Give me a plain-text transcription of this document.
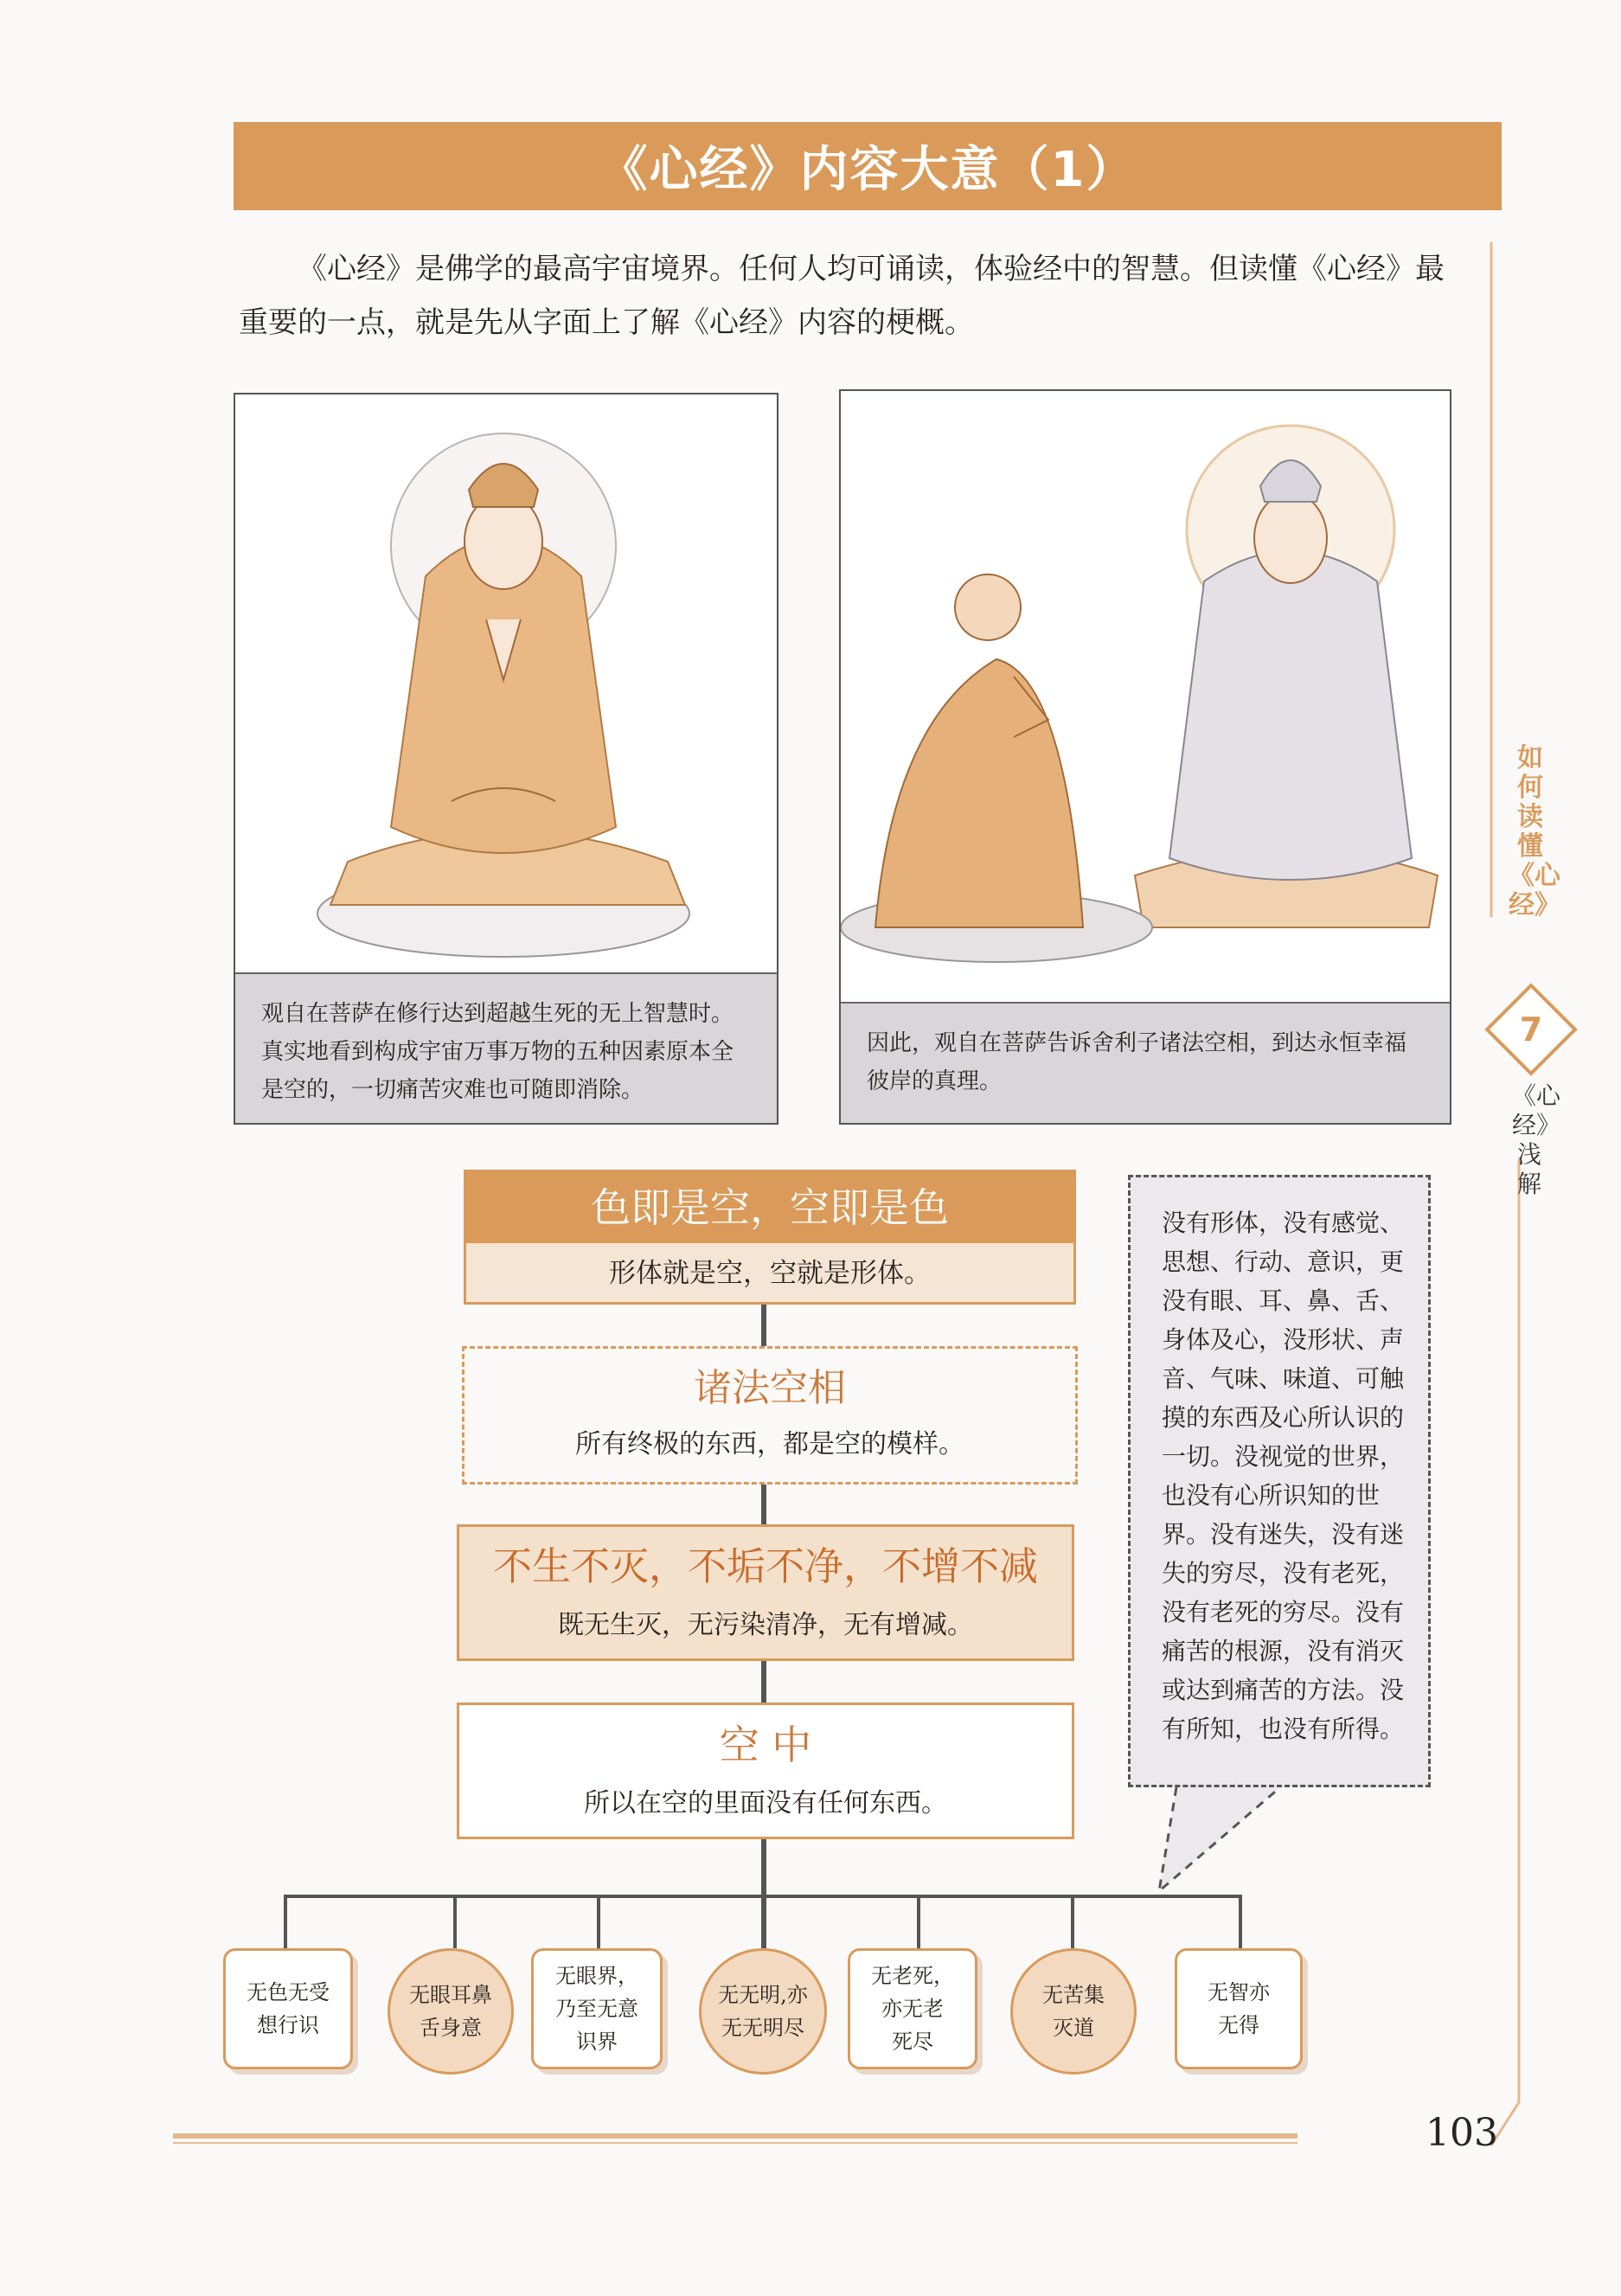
《心经》内容大意（1）

《心经》是佛学的最高宇宙境界。任何人均可诵读，体验经中的智慧。但读懂《心经》最重要的一点，就是先从字面上了解《心经》内容的梗概。

观自在菩萨在修行达到超越生死的无上智慧时。真实地看到构成宇宙万事万物的五种因素原本全是空的，一切痛苦灾难也可随即消除。
因此，观自在菩萨告诉舍利子诸法空相，到达永恒幸福彼岸的真理。
色即是空，空即是色
形体就是空，空就是形体。
诸法空相
所有终极的东西，都是空的模样。
不生不灭，不垢不净，不增不减
既无生灭，无污染清净，无有增减。
空 中
所以在空的里面没有任何东西。
没有形体，没有感觉、思想、行动、意识，更没有眼、耳、鼻、舌、身体及心，没形状、声音、气味、味道、可触摸的东西及心所认识的一切。没视觉的世界，也没有心所识知的世界。没有迷失，没有迷失的穷尽，没有老死，没有老死的穷尽。没有痛苦的根源，没有消灭或达到痛苦的方法。没有所知，也没有所得。
无色无受
想行识
无眼耳鼻
舌身意
无眼界，
乃至无意
识界
无无明,亦
无无明尽
无老死，
亦无老
死尽
无苦集
灭道
无智亦
无得
如何读懂《心经》
7
《心经》浅解
103
